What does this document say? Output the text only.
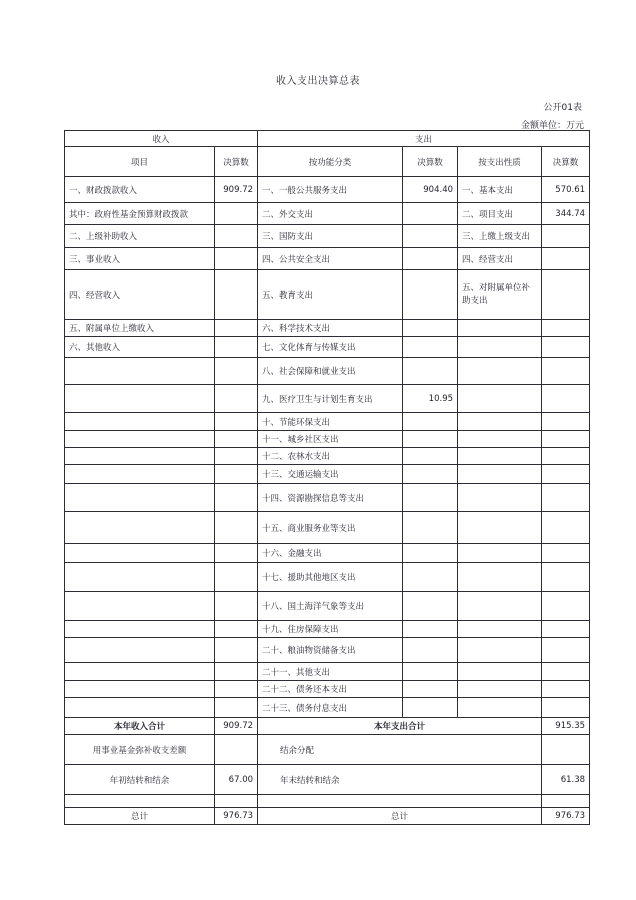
收入支出决算总表
公开01表
金额单位：万元
收入		支出			
项目	决算数	按功能分类	决算数	按支出性质	决算数
一、财政拨款收入	909.72	一、一般公共服务支出	904.40	一、基本支出	570.61
其中：政府性基金预算财政拨款		二、外交支出		二、项目支出	344.74
二、上级补助收入		三、国防支出		三、上缴上级支出	
三、事业收入		四、公共安全支出		四、经营支出	
四、经营收入		五、教育支出		五、对附属单位补助支出	
五、附属单位上缴收入		六、科学技术支出			
六、其他收入		七、文化体育与传媒支出			
		八、社会保障和就业支出			
		九、医疗卫生与计划生育支出	10.95		
		十、节能环保支出			
		十一、城乡社区支出			
		十二、农林水支出			
		十三、交通运输支出			
		十四、资源勘探信息等支出			
		十五、商业服务业等支出			
		十六、金融支出			
		十七、援助其他地区支出			
		十八、国土海洋气象等支出			
		十九、住房保障支出			
		二十、粮油物资储备支出			
		二十一、其他支出			
		二十二、债务还本支出			
		二十三、债务付息支出			
本年收入合计	909.72	本年支出合计			915.35
用事业基金弥补收支差额		结余分配			
年初结转和结余	67.00	年末结转和结余			61.38

总计	976.73	总计			976.73
